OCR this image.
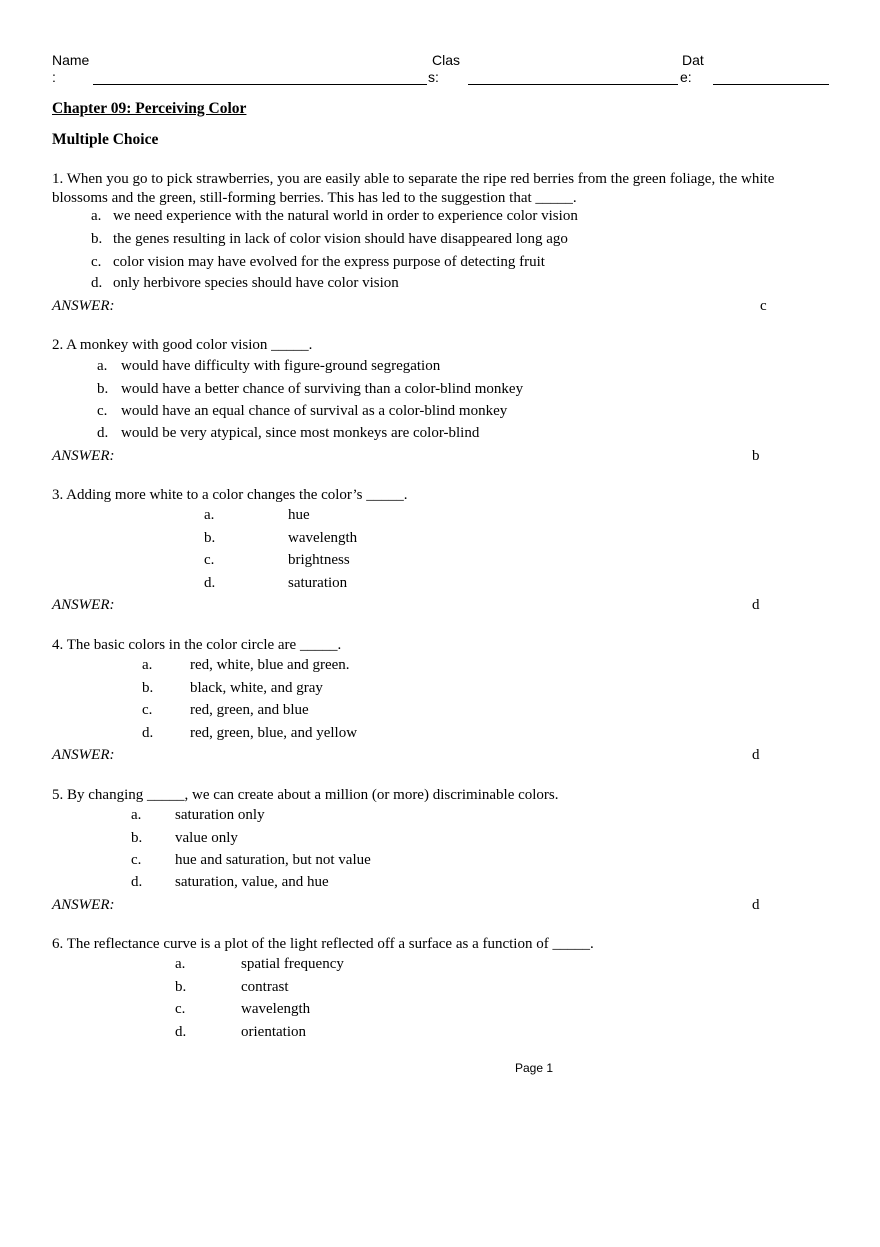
Name
:
Clas
s:
Dat
e:
Chapter 09: Perceiving Color
Multiple Choice
1. When you go to pick strawberries, you are easily able to separate the ripe red berries from the green foliage, the white
blossoms and the green, still-forming berries. This has led to the suggestion that _____.
a. we need experience with the natural world in order to experience color vision
b. the genes resulting in lack of color vision should have disappeared long ago
c. color vision may have evolved for the express purpose of detecting fruit
d. only herbivore species should have color vision
ANSWER:	c
2. A monkey with good color vision _____.
a. would have difficulty with figure-ground segregation
b. would have a better chance of surviving than a color-blind monkey
c. would have an equal chance of survival as a color-blind monkey
d. would be very atypical, since most monkeys are color-blind
ANSWER:	b
3. Adding more white to a color changes the color’s _____.
a.	hue
b.	wavelength
c.	brightness
d.	saturation
ANSWER:	d
4. The basic colors in the color circle are _____.
a.	red, white, blue and green.
b. black, white, and gray
c.	red, green, and blue
d. red, green, blue, and yellow
ANSWER:	d
5. By changing _____, we can create about a million (or more) discriminable colors.
a. saturation only
b. value only
c. hue and saturation, but not value
d. saturation, value, and hue
ANSWER:	d
6. The reflectance curve is a plot of the light reflected off a surface as a function of _____.
a.	spatial frequency
b.	contrast
c.	wavelength
d.	orientation
Page 1
